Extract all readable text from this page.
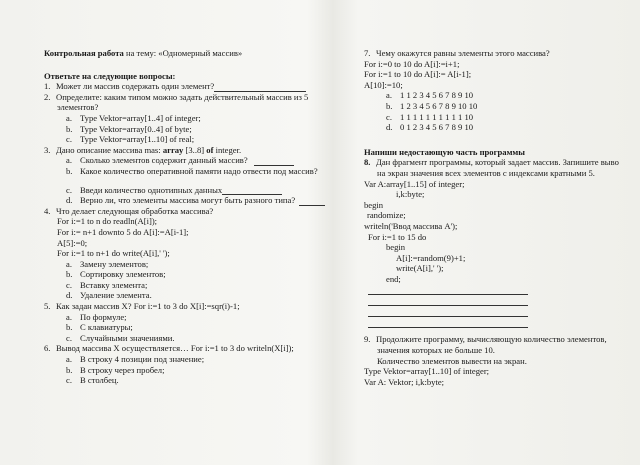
Контрольная работа на тему: «Одномерный массив»
Ответьте на следующие вопросы:
1. Может ли массив содержать один элемент?
2. Определите: каким типом можно задать действительный массив из 5
элементов?
a. Type Vektor=array[1..4] of integer;
b. Type Vektor=array[0..4] of byte;
c. Type Vektor=array[1..10] of real;
3. Дано описание массива mas: array [3..8] of integer.
a. Сколько элементов содержит данный массив?
b. Какое количество оперативной памяти надо отвести под массив?
c. Введи количество однотипных данных
d. Верно ли, что элементы массива могут быть разного типа?
4. Что делает следующая обработка массива?
For i:=1 to n do readln(A[i]);
For i:= n+1 downto 5 do A[i]:=A[i-1];
A[5]:=0;
For i:=1 to n+1 do write(A[i],' ');
a. Замену элементов;
b. Сортировку элементов;
c. Вставку элемента;
d. Удаление элемента.
5. Как задан массив X? For i:=1 to 3 do X[i]:=sqr(i)-1;
a. По формуле;
b. С клавиатуры;
c. Случайными значениями.
6. Вывод массива X осуществляется… For i:=1 to 3 do writeln(X[i]);
a. В строку 4 позиции под значение;
b. В строку через пробел;
c. В столбец.
7. Чему окажутся равны элементы этого массива?
For i:=0 to 10 do A[i]:=i+1;
For i:=1 to 10 do A[i]:= A[i-1];
A[10]:=10;
a. 1 1 2 3 4 5 6 7 8 9 10
b. 1 2 3 4 5 6 7 8 9 10 10
c. 1 1 1 1 1 1 1 1 1 1 10
d. 0 1 2 3 4 5 6 7 8 9 10
Напиши недостающую часть программы
8. Дан фрагмент программы, который задает массив. Запишите выво
на экран значения всех элементов с индексами кратными 5.
Var A:array[1..15] of integer;
i,k:byte;
begin
randomize;
writeln('Ввод массива А');
For i:=1 to 15 do
begin
A[i]:=random(9)+1;
write(A[i],' ');
end;
9. Продолжите программу, вычисляющую количество элементов,
значения которых не больше 10.
Количество элементов вывести на экран.
Type Vektor=array[1..10] of integer;
Var A: Vektor; i,k:byte;
